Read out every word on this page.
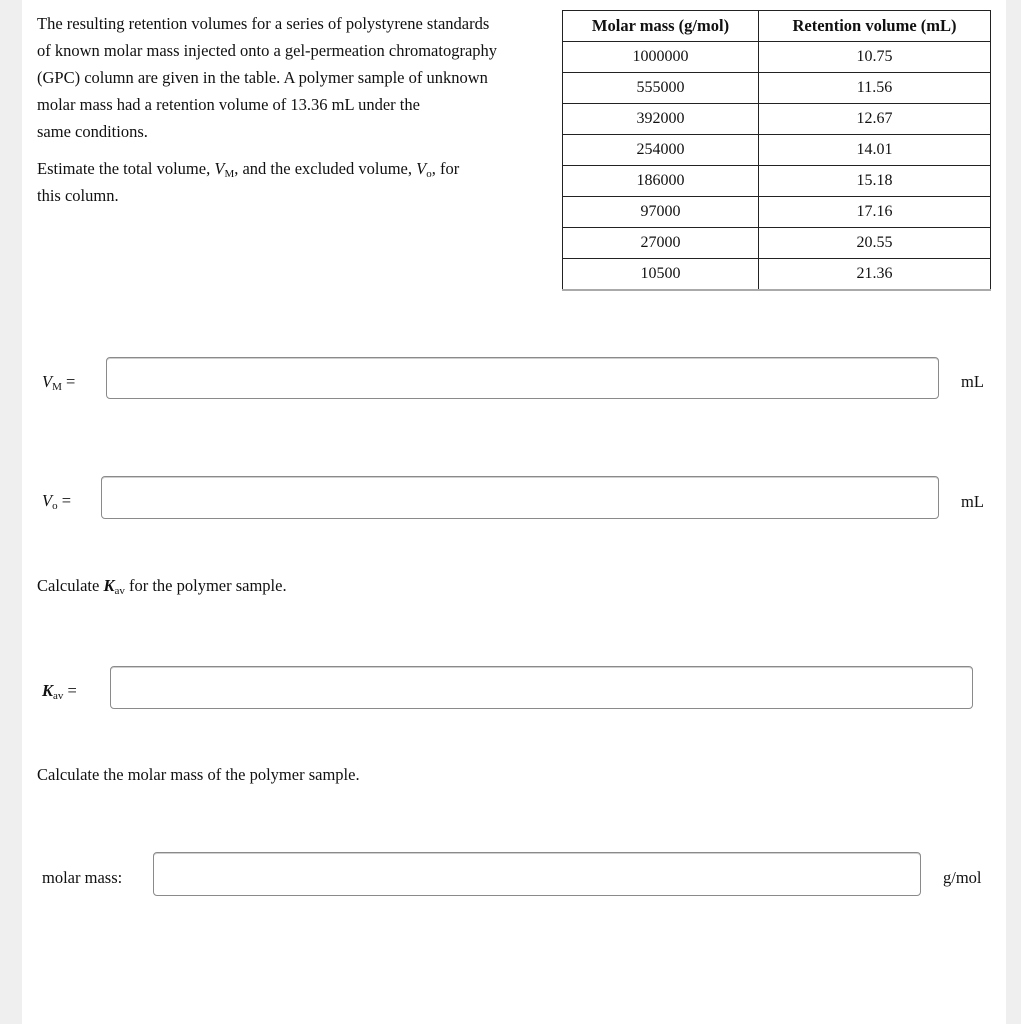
The resulting retention volumes for a series of polystyrene standards
of known molar mass injected onto a gel-permeation chromatography
(GPC) column are given in the table. A polymer sample of unknown
molar mass had a retention volume of 13.36 mL under the
same conditions.

Estimate the total volume, $V_M$, and the excluded volume, $V_o$, for
this column.

Molar mass (g/mol)	Retention volume (mL)
1000000	10.75
555000	11.56
392000	12.67
254000	14.01
186000	15.18
97000	17.16
27000	20.55
10500	21.36
$V_M$ =	mL
$V_o$ =	mL
Calculate $K_{av}$ for the polymer sample.
$K_{av}$ =
Calculate the molar mass of the polymer sample.
molar mass:	g/mol
